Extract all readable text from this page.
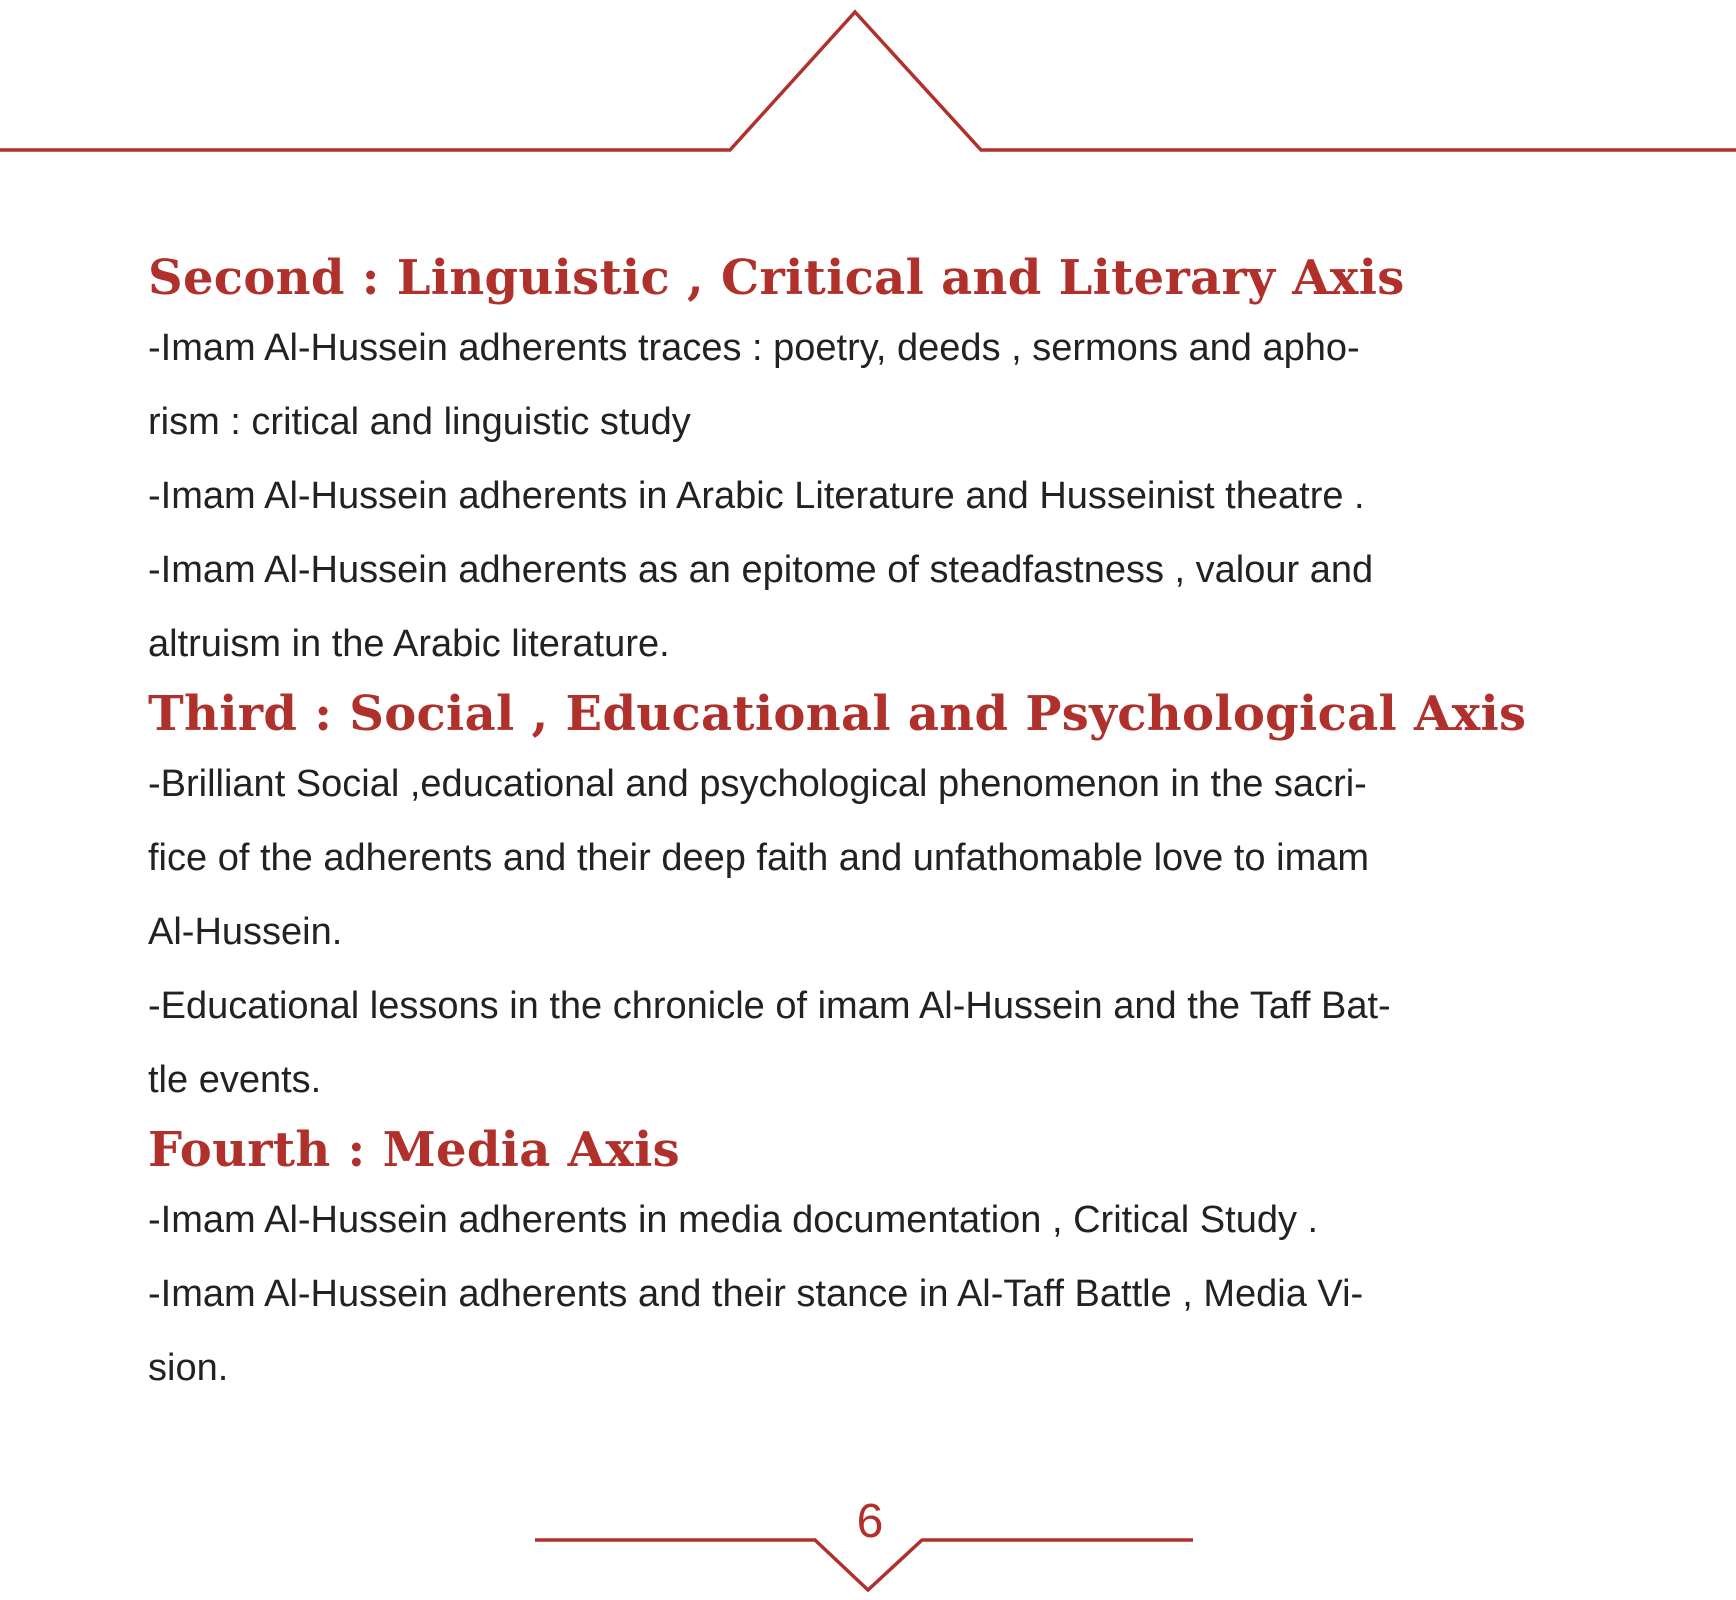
Second : Linguistic , Critical and Literary Axis

-Imam Al-Hussein adherents traces : poetry, deeds , sermons and apho-

rism : critical and linguistic study

-Imam Al-Hussein adherents in Arabic Literature and Husseinist theatre .

-Imam Al-Hussein adherents as an epitome of steadfastness , valour and

altruism in the Arabic literature.

Third : Social , Educational and Psychological Axis

-Brilliant Social ,educational and psychological phenomenon in the sacri-

fice of the adherents and their deep faith and unfathomable love to imam

Al-Hussein.

-Educational lessons in the chronicle of imam Al-Hussein and the Taff Bat-

tle events.

Fourth : Media Axis

-Imam Al-Hussein adherents in media documentation , Critical Study .

-Imam Al-Hussein adherents and their stance in Al-Taff Battle , Media Vi-

sion.

6
